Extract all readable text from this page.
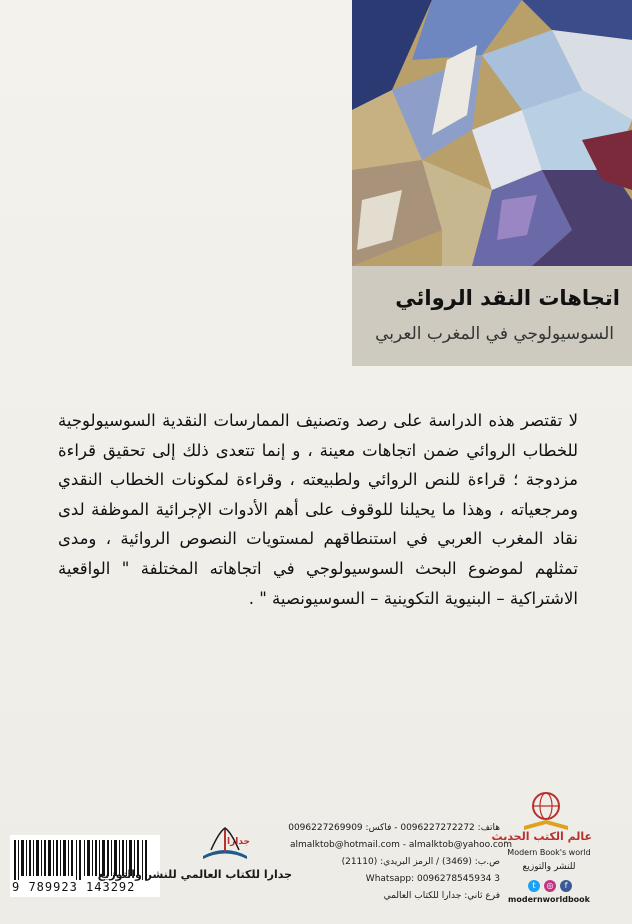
اتجاهات النقد الروائي
السوسيولوجي في المغرب العربي

لا تقتصر هذه الدراسة على رصد وتصنيف الممارسات النقدية السوسيولوجية للخطاب الروائي ضمن اتجاهات معينة ، و إنما تتعدى ذلك إلى تحقيق قراءة مزدوجة ؛ قراءة للنص الروائي ولطبيعته ، وقراءة لمكونات الخطاب النقدي ومرجعياته ، وهذا ما يحيلنا للوقوف على أهم الأدوات الإجرائية الموظفة لدى نقاد المغرب العربي في استنطاقهم لمستويات النصوص الروائية ، ومدى تمثلهم لموضوع البحث السوسيولوجي في اتجاهاته المختلفة " الواقعية الاشتراكية – البنيوية التكوينية – السوسيونصية " .

9 789923 143292
جدارا
جدارا للكتاب العالمي للنشر والتوزيع
هاتف: 0096227272272 - فاكس: 0096227269909
almalktob@hotmail.com - almalktob@yahoo.com
ص.ب: (3469) / الرمز البريدي: (21110)
Whatsapp: 0096278545934 3
فرع ثاني: جدارا للكتاب العالمي
عالم الكتب الحديث
Modern Book's world
للنشر والتوزيع
t	◎	f
modernworldbook
